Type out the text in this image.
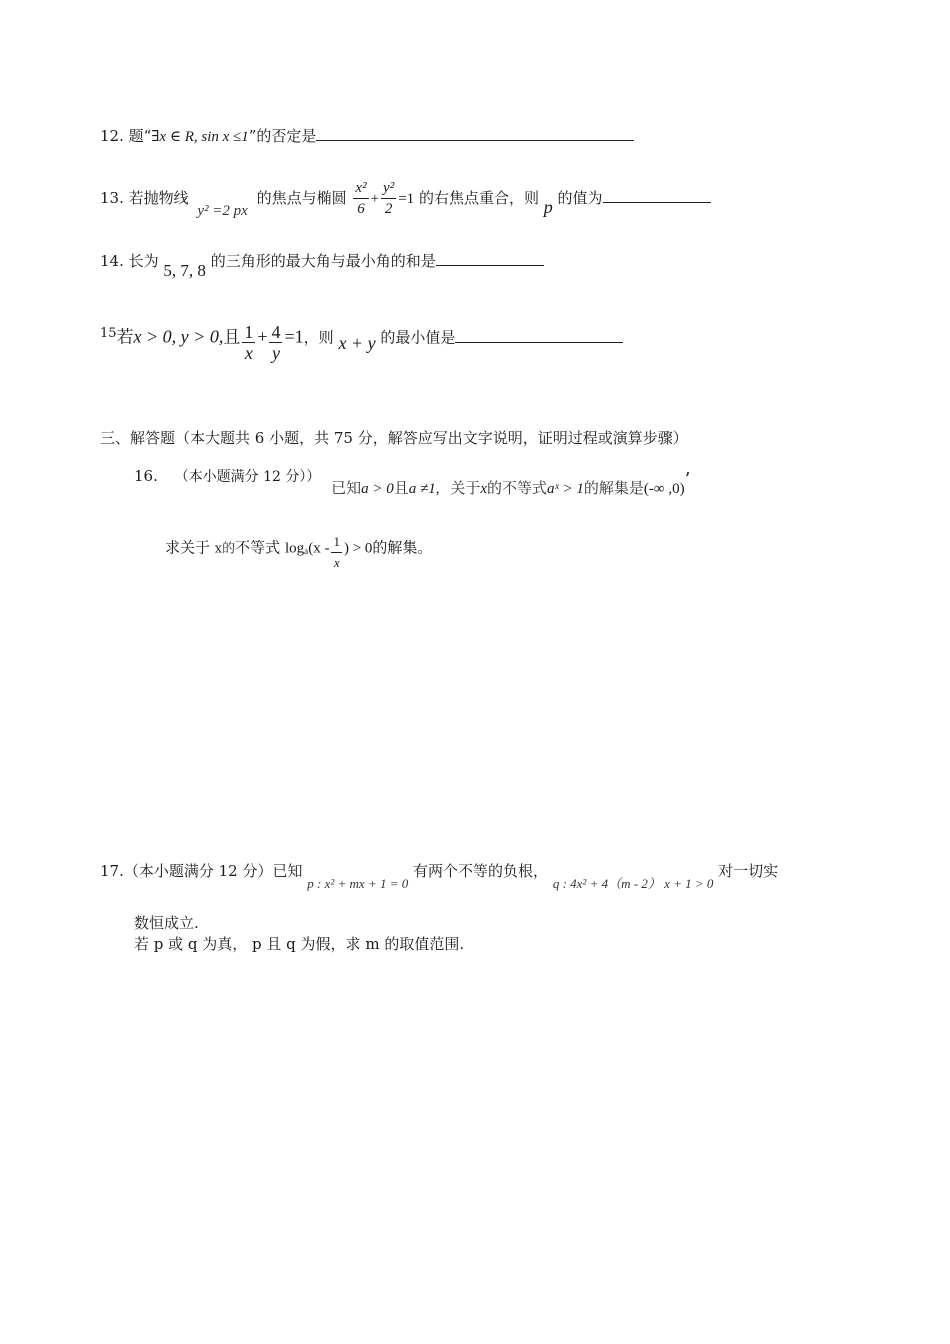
12. 题“∃x ∈ R, sin x ≤1”的否定是
13. 若抛物线 y² =2 px 的焦点与椭圆 $\frac{\text{x²}}{6} + \frac{\text{y²}}{2} =1$ 的右焦点重合，则 p 的值为
14. 长为 5, 7, 8 的三角形的最大角与最小角的和是
15若x > 0, y > 0,且 $\frac{1}{x} + \frac{4}{y} =1$，则 x + y 的最小值是
三、解答题（本大题共 6 小题，共 75 分，解答应写出文字说明，证明过程或演算步骤）
16. （本小题满分 12 分）） 已知a > 0且a ≠1, 关于x的不等式aˣ > 1的解集是(-∞ ,0)’
求关于 x的不等式 $\log_a(x - \frac{1}{x}$ ) > 0的解集。
17.（本小题满分 12 分）已知 p : x² + mx + 1 = 0 有两个不等的负根， q : 4x² + 4（m - 2） x + 1 > 0 对一切实
数恒成立.
若 p 或 q 为真， p 且 q 为假，求 m 的取值范围.
